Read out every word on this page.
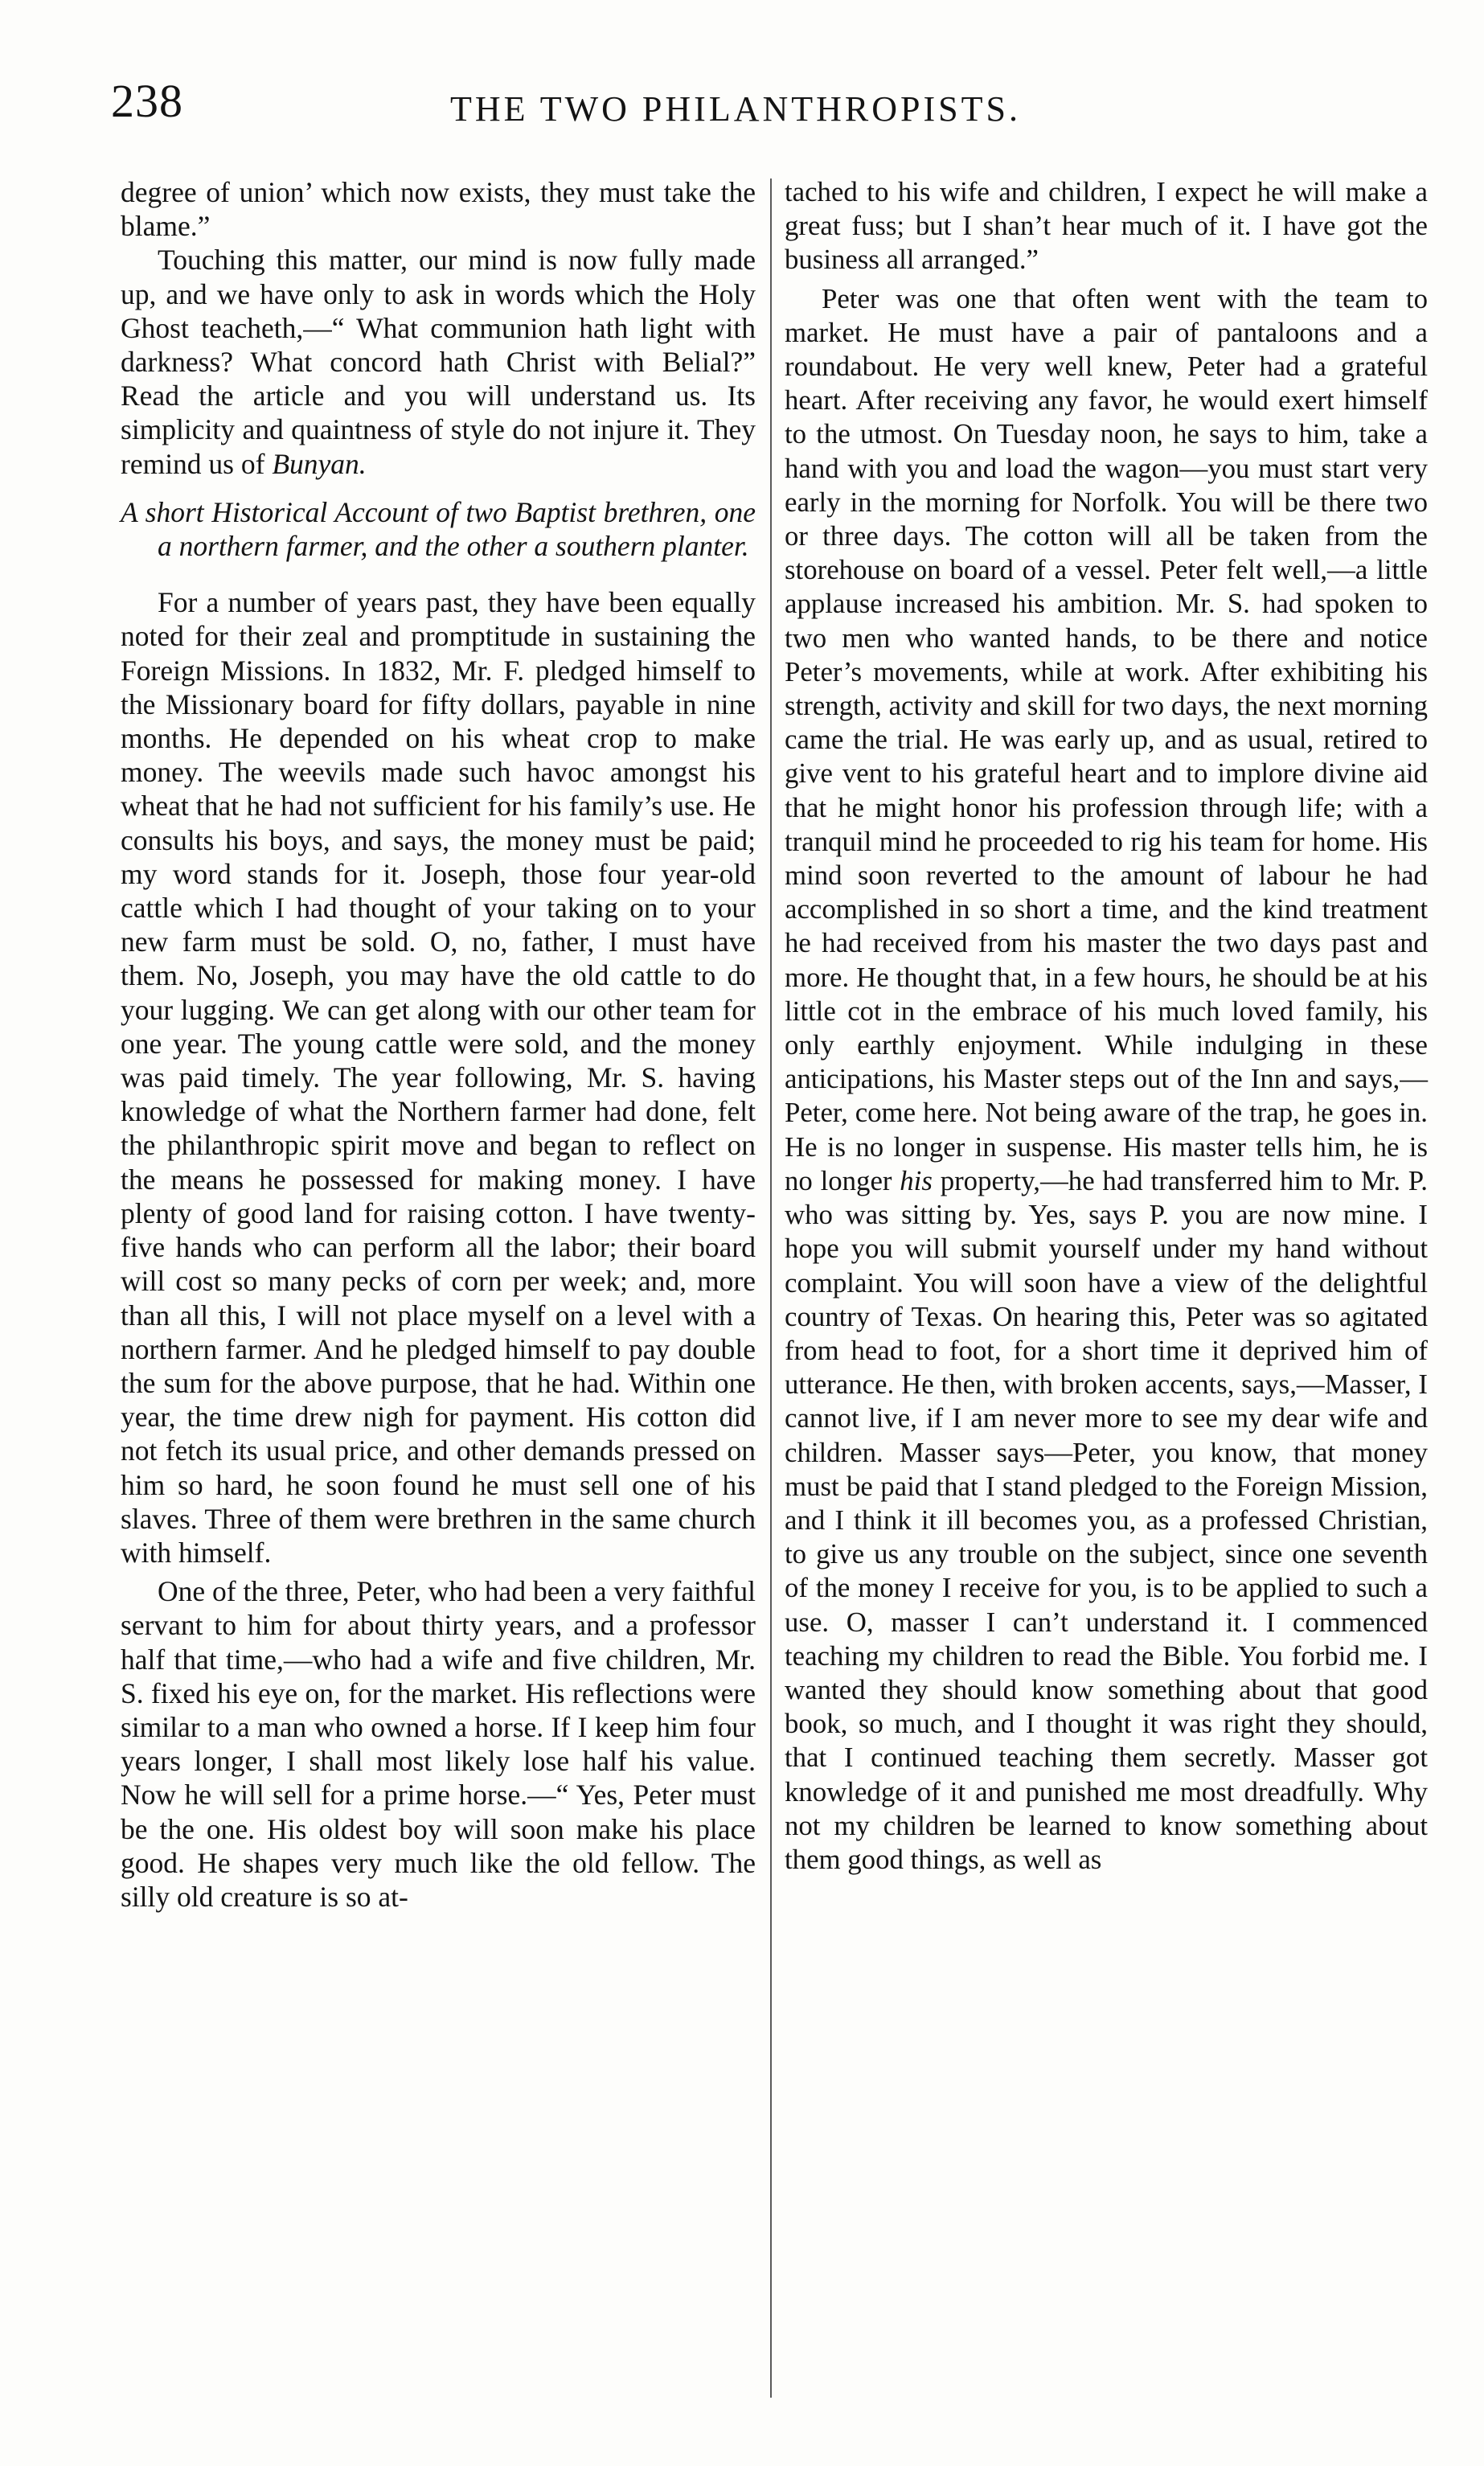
238	THE TWO PHILANTHROPISTS.

degree of union’ which now exists, they must take the blame.”

Touching this matter, our mind is now fully made up, and we have only to ask in words which the Holy Ghost teacheth,—“ What communion hath light with darkness? What concord hath Christ with Belial?” Read the article and you will understand us. Its simplicity and quaintness of style do not injure it. They remind us of Bunyan.

A short Historical Account of two Baptist brethren, one a northern farmer, and the other a southern planter.

For a number of years past, they have been equally noted for their zeal and promptitude in sustaining the Foreign Missions. In 1832, Mr. F. pledged himself to the Missionary board for fifty dollars, payable in nine months. He depended on his wheat crop to make money. The weevils made such havoc amongst his wheat that he had not sufficient for his family’s use. He consults his boys, and says, the money must be paid; my word stands for it. Joseph, those four year-old cattle which I had thought of your taking on to your new farm must be sold. O, no, father, I must have them. No, Joseph, you may have the old cattle to do your lugging. We can get along with our other team for one year. The young cattle were sold, and the money was paid timely. The year following, Mr. S. having knowledge of what the Northern farmer had done, felt the philanthropic spirit move and began to reflect on the means he possessed for making money. I have plenty of good land for raising cotton. I have twenty-five hands who can perform all the labor; their board will cost so many pecks of corn per week; and, more than all this, I will not place myself on a level with a northern farmer. And he pledged himself to pay double the sum for the above purpose, that he had. Within one year, the time drew nigh for payment. His cotton did not fetch its usual price, and other demands pressed on him so hard, he soon found he must sell one of his slaves. Three of them were brethren in the same church with himself.

One of the three, Peter, who had been a very faithful servant to him for about thirty years, and a professor half that time,—who had a wife and five children, Mr. S. fixed his eye on, for the market. His reflections were similar to a man who owned a horse. If I keep him four years longer, I shall most likely lose half his value. Now he will sell for a prime horse.—“ Yes, Peter must be the one. His oldest boy will soon make his place good. He shapes very much like the old fellow. The silly old creature is so at-

tached to his wife and children, I expect he will make a great fuss; but I shan’t hear much of it. I have got the business all arranged.”

Peter was one that often went with the team to market. He must have a pair of pantaloons and a roundabout. He very well knew, Peter had a grateful heart. After receiving any favor, he would exert himself to the utmost. On Tuesday noon, he says to him, take a hand with you and load the wagon—you must start very early in the morning for Norfolk. You will be there two or three days. The cotton will all be taken from the storehouse on board of a vessel. Peter felt well,—a little applause increased his ambition. Mr. S. had spoken to two men who wanted hands, to be there and notice Peter’s movements, while at work. After exhibiting his strength, activity and skill for two days, the next morning came the trial. He was early up, and as usual, retired to give vent to his grateful heart and to implore divine aid that he might honor his profession through life; with a tranquil mind he proceeded to rig his team for home. His mind soon reverted to the amount of labour he had accomplished in so short a time, and the kind treatment he had received from his master the two days past and more. He thought that, in a few hours, he should be at his little cot in the embrace of his much loved family, his only earthly enjoyment. While indulging in these anticipations, his Master steps out of the Inn and says,—Peter, come here. Not being aware of the trap, he goes in. He is no longer in suspense. His master tells him, he is no longer his property,—he had transferred him to Mr. P. who was sitting by. Yes, says P. you are now mine. I hope you will submit yourself under my hand without complaint. You will soon have a view of the delightful country of Texas. On hearing this, Peter was so agitated from head to foot, for a short time it deprived him of utterance. He then, with broken accents, says,—Masser, I cannot live, if I am never more to see my dear wife and children. Masser says—Peter, you know, that money must be paid that I stand pledged to the Foreign Mission, and I think it ill becomes you, as a professed Christian, to give us any trouble on the subject, since one seventh of the money I receive for you, is to be applied to such a use. O, masser I can’t understand it. I commenced teaching my children to read the Bible. You forbid me. I wanted they should know something about that good book, so much, and I thought it was right they should, that I continued teaching them secretly. Masser got knowledge of it and punished me most dreadfully. Why not my children be learned to know something about them good things, as well as
